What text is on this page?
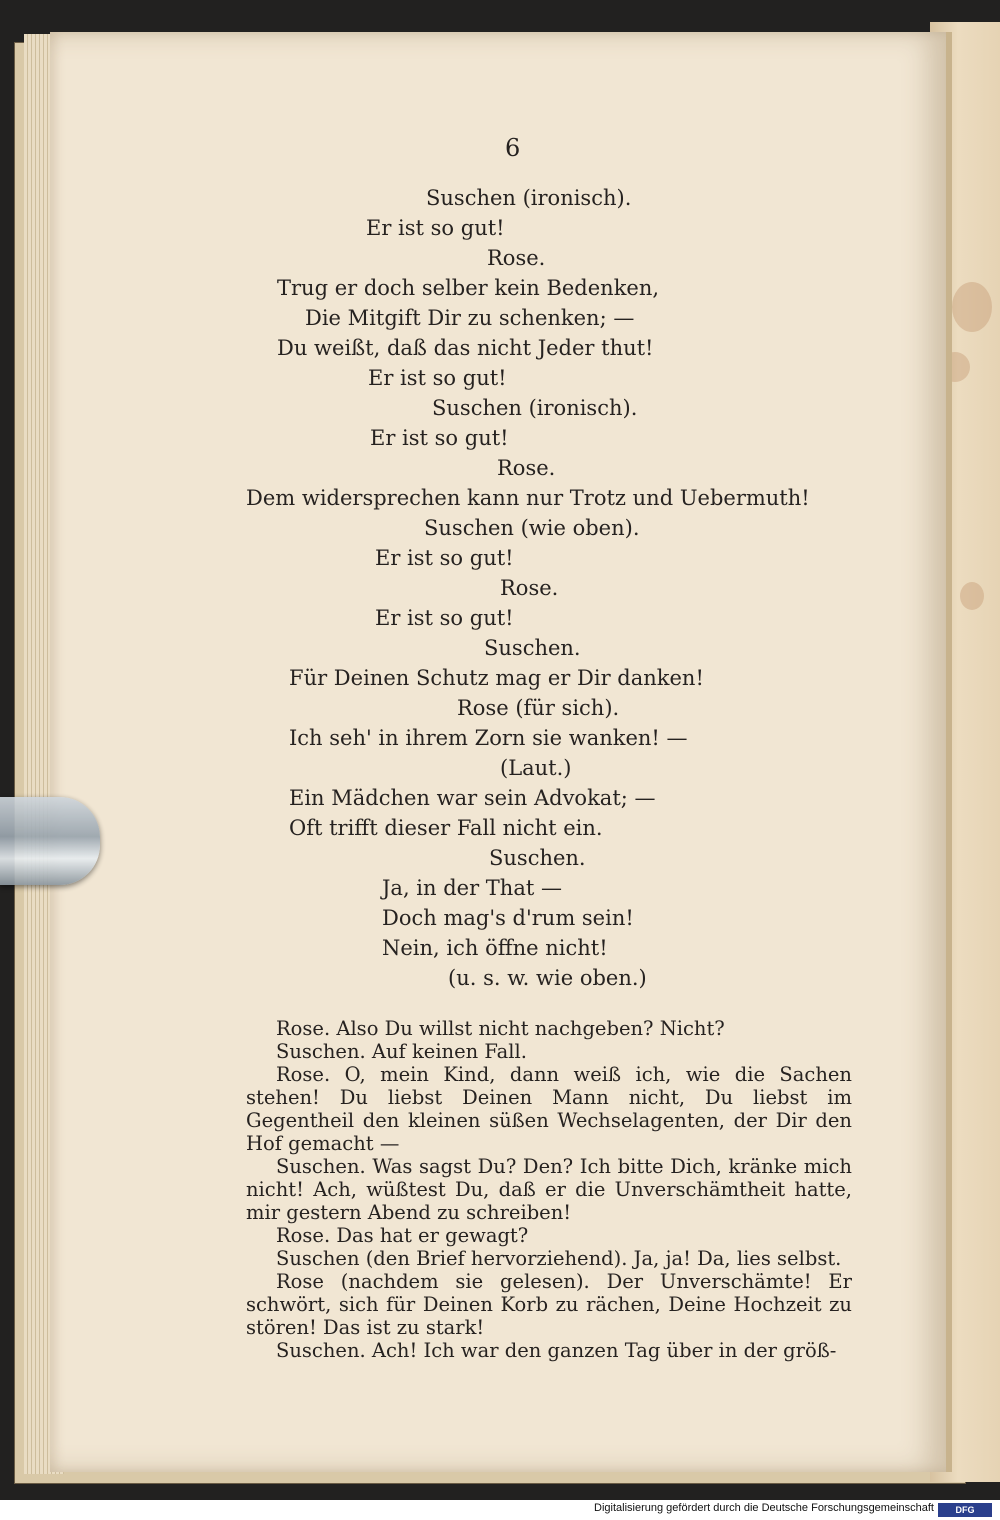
6
Suschen (ironisch).
Er ist so gut!
Rose.
Trug er doch selber kein Bedenken,
Die Mitgift Dir zu schenken; —
Du weißt, daß das nicht Jeder thut!
Er ist so gut!
Suschen (ironisch).
Er ist so gut!
Rose.
Dem widersprechen kann nur Trotz und Uebermuth!
Suschen (wie oben).
Er ist so gut!
Rose.
Er ist so gut!
Suschen.
Für Deinen Schutz mag er Dir danken!
Rose (für sich).
Ich seh' in ihrem Zorn sie wanken! —
(Laut.)
Ein Mädchen war sein Advokat; —
Oft trifft dieser Fall nicht ein.
Suschen.
Ja, in der That —
Doch mag's d'rum sein!
Nein, ich öffne nicht!
(u. s. w. wie oben.)

Rose. Also Du willst nicht nachgeben? Nicht?

Suschen. Auf keinen Fall.

Rose. O, mein Kind, dann weiß ich, wie die Sachen stehen! Du liebst Deinen Mann nicht, Du liebst im Gegentheil den kleinen süßen Wechselagenten, der Dir den Hof gemacht —

Suschen. Was sagst Du? Den? Ich bitte Dich, kränke mich nicht! Ach, wüßtest Du, daß er die Unverschämtheit hatte, mir gestern Abend zu schreiben!

Rose. Das hat er gewagt?

Suschen (den Brief hervorziehend). Ja, ja! Da, lies selbst.

Rose (nachdem sie gelesen). Der Unverschämte! Er schwört, sich für Deinen Korb zu rächen, Deine Hochzeit zu stören! Das ist zu stark!

Suschen. Ach! Ich war den ganzen Tag über in der größ-

Digitalisierung gefördert durch die Deutsche Forschungsgemeinschaft	DFG
